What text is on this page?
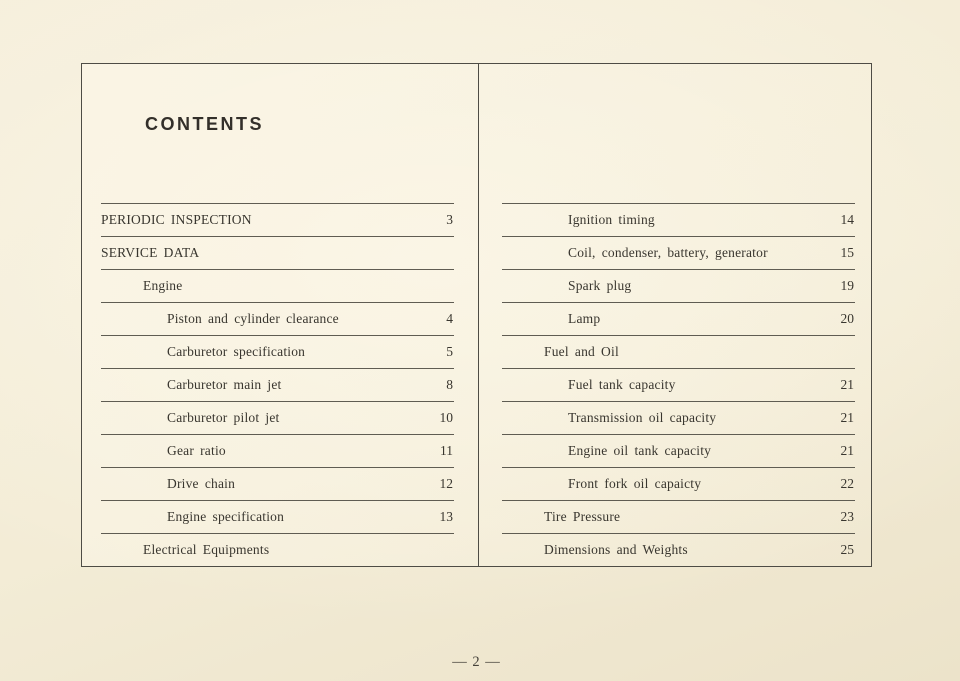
CONTENTS
PERIODIC INSPECTION	3
SERVICE DATA
Engine
Piston and cylinder clearance	4
Carburetor specification	5
Carburetor main jet	8
Carburetor pilot jet	10
Gear ratio	11
Drive chain	12
Engine specification	13
Electrical Equipments
Ignition timing	14
Coil, condenser, battery, generator	15
Spark plug	19
Lamp	20
Fuel and Oil
Fuel tank capacity	21
Transmission oil capacity	21
Engine oil tank capacity	21
Front fork oil capaicty	22
Tire Pressure	23
Dimensions and Weights	25
— 2 —
